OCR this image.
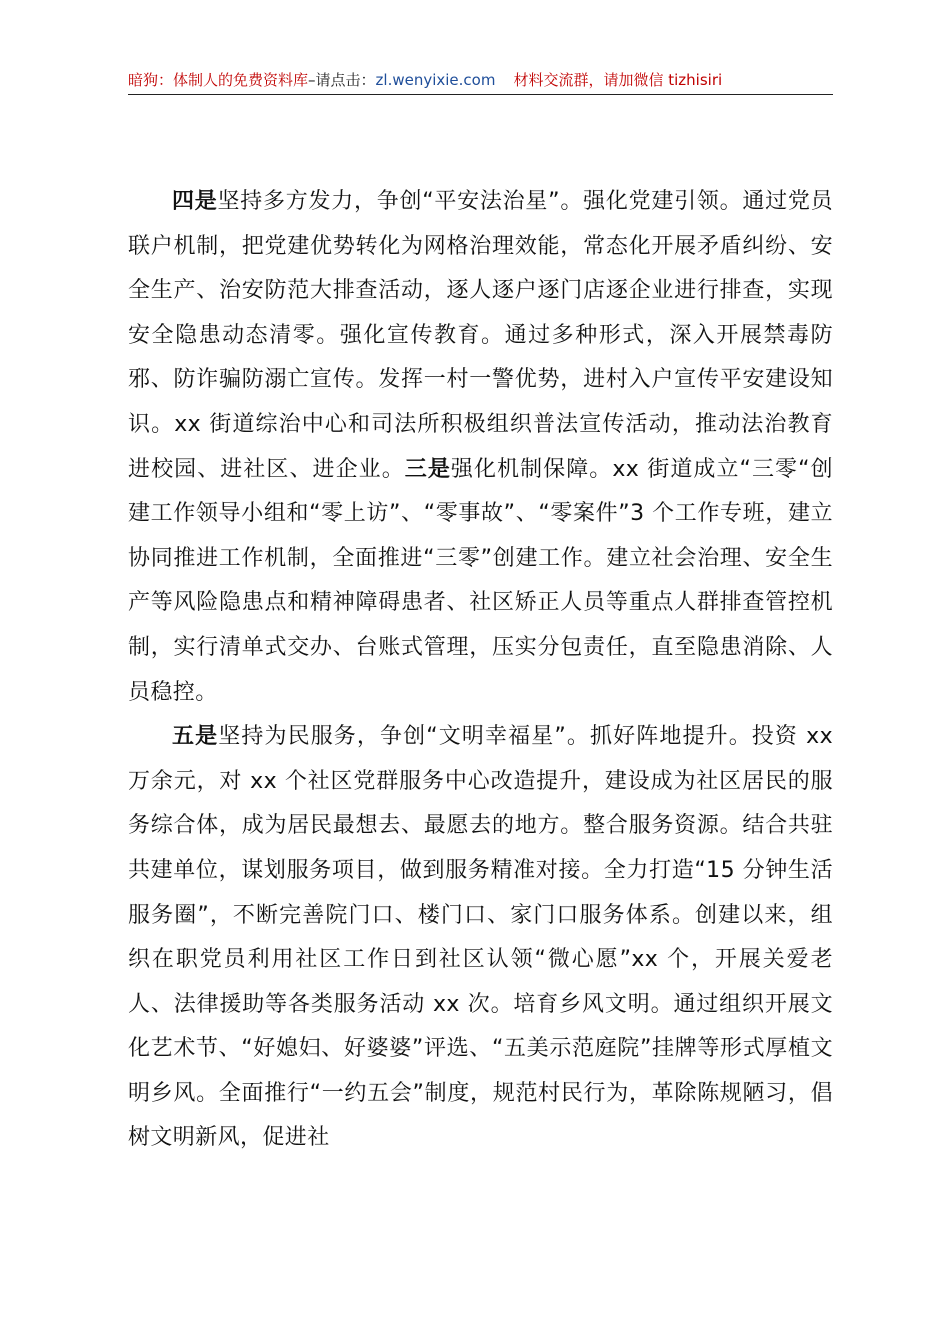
暗狗：体制人的免费资料库–请点击：zl.wenyixie.com 材料交流群，请加微信 tizhisiri

四是坚持多方发力，争创“平安法治星”。强化党建引领。通过党员联户机制，把党建优势转化为网格治理效能，常态化开展矛盾纠纷、安全生产、治安防范大排查活动，逐人逐户逐门店逐企业进行排查，实现安全隐患动态清零。强化宣传教育。通过多种形式，深入开展禁毒防邪、防诈骗防溺亡宣传。发挥一村一警优势，进村入户宣传平安建设知识。xx 街道综治中心和司法所积极组织普法宣传活动，推动法治教育进校园、进社区、进企业。三是强化机制保障。xx 街道成立“三零“创建工作领导小组和“零上访”、“零事故”、“零案件”3 个工作专班，建立协同推进工作机制，全面推进“三零”创建工作。建立社会治理、安全生产等风险隐患点和精神障碍患者、社区矫正人员等重点人群排查管控机制，实行清单式交办、台账式管理，压实分包责任，直至隐患消除、人员稳控。

五是坚持为民服务，争创“文明幸福星”。抓好阵地提升。投资 xx 万余元，对 xx 个社区党群服务中心改造提升，建设成为社区居民的服务综合体，成为居民最想去、最愿去的地方。整合服务资源。结合共驻共建单位，谋划服务项目，做到服务精准对接。全力打造“15 分钟生活服务圈”，不断完善院门口、楼门口、家门口服务体系。创建以来，组织在职党员利用社区工作日到社区认领“微心愿”xx 个，开展关爱老人、法律援助等各类服务活动 xx 次。培育乡风文明。通过组织开展文化艺术节、“好媳妇、好婆婆”评选、“五美示范庭院”挂牌等形式厚植文明乡风。全面推行“一约五会”制度，规范村民行为，革除陈规陋习，倡树文明新风，促进社
